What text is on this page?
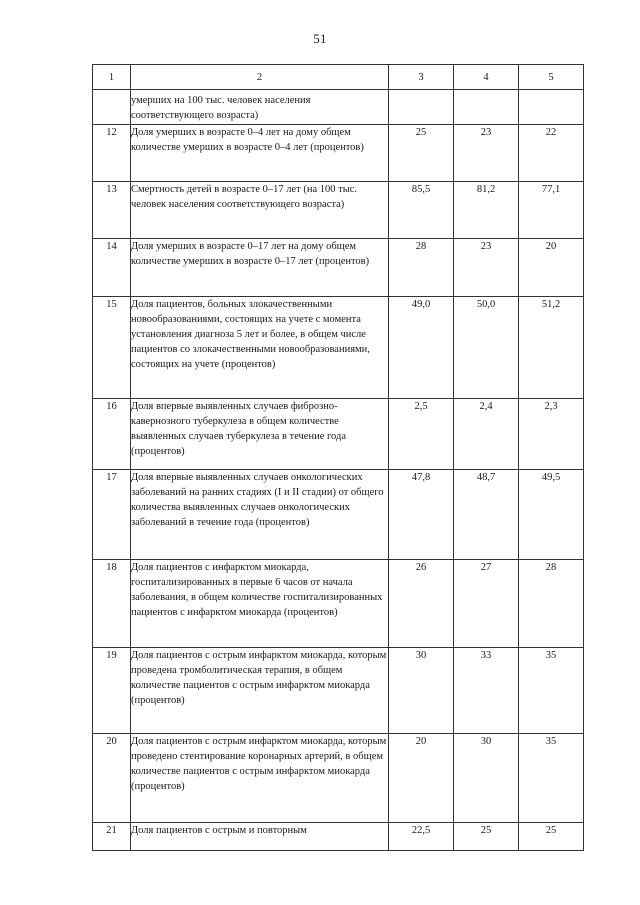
51
1	2	3	4	5
	умерших на 100 тыс. человек населения соответствующего возраста)			
12	Доля умерших в возрасте 0–4 лет на дому общем количестве умерших в возрасте 0–4 лет (процентов)	25	23	22
13	Смертность детей в возрасте 0–17 лет (на 100 тыс. человек населения соответствующего возраста)	85,5	81,2	77,1
14	Доля умерших в возрасте 0–17 лет на дому общем количестве умерших в возрасте 0–17 лет (процентов)	28	23	20
15	Доля пациентов, больных злокачественными новообразованиями, состоящих на учете с момента установления диагноза 5 лет и более, в общем числе пациентов со злокачественными новообразованиями, состоящих на учете (процентов)	49,0	50,0	51,2
16	Доля впервые выявленных случаев фиброзно-кавернозного туберкулеза в общем количестве выявленных случаев туберкулеза в течение года (процентов)	2,5	2,4	2,3
17	Доля впервые выявленных случаев онкологических заболеваний на ранних стадиях (I и II стадии) от общего количества выявленных случаев онкологических заболеваний в течение года (процентов)	47,8	48,7	49,5
18	Доля пациентов с инфарктом миокарда, госпитализированных в первые 6 часов от начала заболевания, в общем количестве госпитализированных пациентов с инфарктом миокарда (процентов)	26	27	28
19	Доля пациентов с острым инфарктом миокарда, которым проведена тромболитическая терапия, в общем количестве пациентов с острым инфарктом миокарда (процентов)	30	33	35
20	Доля пациентов с острым инфарктом миокарда, которым проведено стентирование коронарных артерий, в общем количестве пациентов с острым инфарктом миокарда (процентов)	20	30	35
21	Доля пациентов с острым и повторным	22,5	25	25
